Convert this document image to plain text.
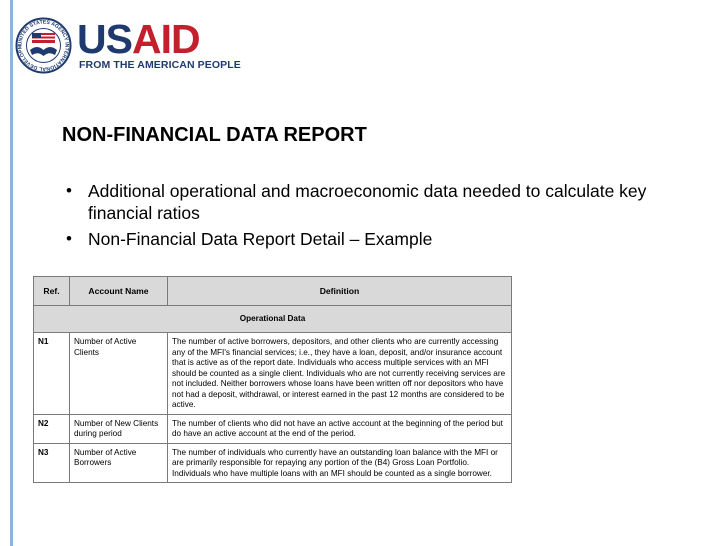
UNITED STATES AGENCY INTERNATIONAL DEVELOPM	USAID
FROM THE AMERICAN PEOPLE
NON-FINANCIAL DATA REPORT
• Additional operational and macroeconomic data needed to calculate key financial ratios
• Non-Financial Data Report Detail – Example
Ref.	Account Name	Definition
Operational Data		
N1	Number of Active Clients	The number of active borrowers, depositors, and other clients who are currently accessing any of the MFI's financial services; i.e., they have a loan, deposit, and/or insurance account that is active as of the report date. Individuals who access multiple services with an MFI should be counted as a single client. Individuals who are not currently receiving services are not included. Neither borrowers whose loans have been written off nor depositors who have not had a deposit, withdrawal, or interest earned in the past 12 months are considered to be active.
N2	Number of New Clients during period	The number of clients who did not have an active account at the beginning of the period but do have an active account at the end of the period.
N3	Number of Active Borrowers	The number of individuals who currently have an outstanding loan balance with the MFI or are primarily responsible for repaying any portion of the (B4) Gross Loan Portfolio. Individuals who have multiple loans with an MFI should be counted as a single borrower.
